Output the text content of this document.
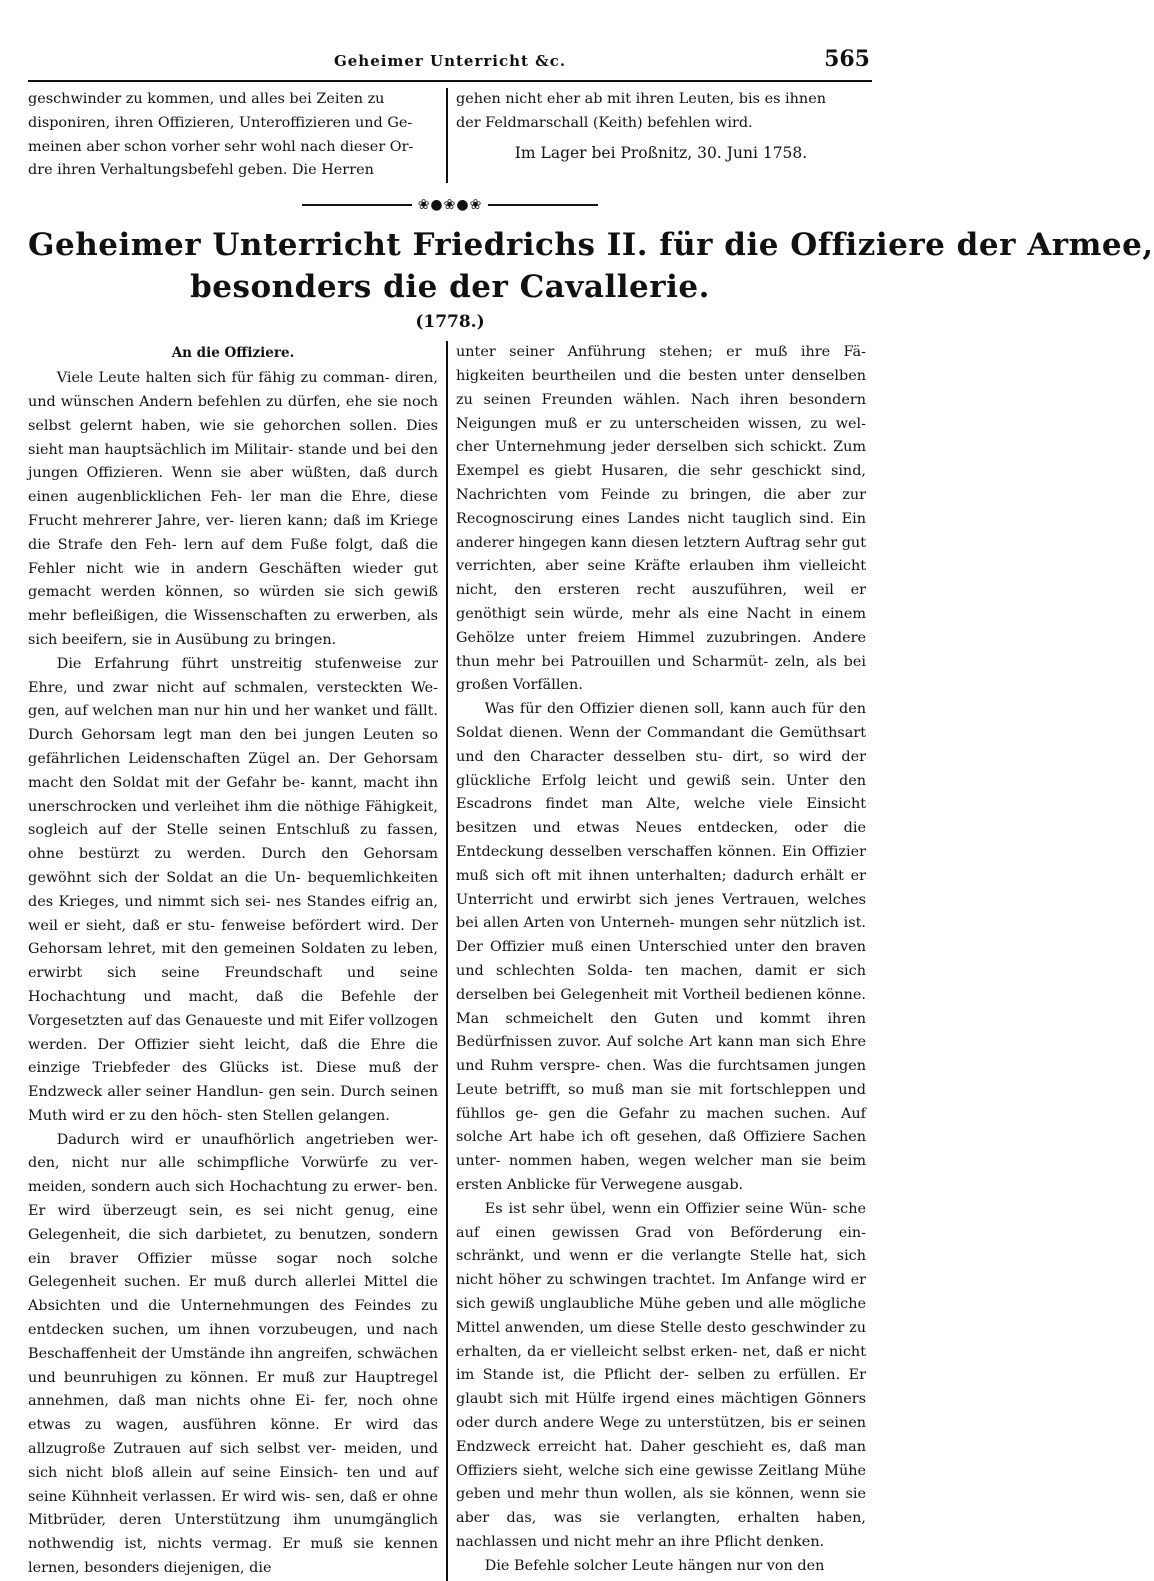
Geheimer Unterricht &c.	565

geschwinder zu kommen, und alles bei Zeiten zu

disponiren, ihren Offizieren, Unteroffizieren und Ge-

meinen aber schon vorher sehr wohl nach dieser Or-

dre ihren Verhaltungsbefehl geben. Die Herren

gehen nicht eher ab mit ihren Leuten, bis es ihnen

der Feldmarschall (Keith) befehlen wird.

Im Lager bei Proßnitz, 30. Juni 1758.
❀●❀●❀
Geheimer Unterricht Friedrichs II. für die Offiziere der Armee,
besonders die der Cavallerie.
(1778.)
An die Offiziere.

Viele Leute halten sich für fähig zu comman- diren, und wünschen Andern befehlen zu dürfen, ehe sie noch selbst gelernt haben, wie sie gehorchen sollen. Dies sieht man hauptsächlich im Militair- stande und bei den jungen Offizieren. Wenn sie aber wüßten, daß durch einen augenblicklichen Feh- ler man die Ehre, diese Frucht mehrerer Jahre, ver- lieren kann; daß im Kriege die Strafe den Feh- lern auf dem Fuße folgt, daß die Fehler nicht wie in andern Geschäften wieder gut gemacht werden können, so würden sie sich gewiß mehr befleißigen, die Wissenschaften zu erwerben, als sich beeifern, sie in Ausübung zu bringen.

Die Erfahrung führt unstreitig stufenweise zur Ehre, und zwar nicht auf schmalen, versteckten We- gen, auf welchen man nur hin und her wanket und fällt. Durch Gehorsam legt man den bei jungen Leuten so gefährlichen Leidenschaften Zügel an. Der Gehorsam macht den Soldat mit der Gefahr be- kannt, macht ihn unerschrocken und verleihet ihm die nöthige Fähigkeit, sogleich auf der Stelle seinen Entschluß zu fassen, ohne bestürzt zu werden. Durch den Gehorsam gewöhnt sich der Soldat an die Un- bequemlichkeiten des Krieges, und nimmt sich sei- nes Standes eifrig an, weil er sieht, daß er stu- fenweise befördert wird. Der Gehorsam lehret, mit den gemeinen Soldaten zu leben, erwirbt sich seine Freundschaft und seine Hochachtung und macht, daß die Befehle der Vorgesetzten auf das Genaueste und mit Eifer vollzogen werden. Der Offizier sieht leicht, daß die Ehre die einzige Triebfeder des Glücks ist. Diese muß der Endzweck aller seiner Handlun- gen sein. Durch seinen Muth wird er zu den höch- sten Stellen gelangen.

Dadurch wird er unaufhörlich angetrieben wer- den, nicht nur alle schimpfliche Vorwürfe zu ver- meiden, sondern auch sich Hochachtung zu erwer- ben. Er wird überzeugt sein, es sei nicht genug, eine Gelegenheit, die sich darbietet, zu benutzen, sondern ein braver Offizier müsse sogar noch solche Gelegenheit suchen. Er muß durch allerlei Mittel die Absichten und die Unternehmungen des Feindes zu entdecken suchen, um ihnen vorzubeugen, und nach Beschaffenheit der Umstände ihn angreifen, schwächen und beunruhigen zu können. Er muß zur Hauptregel annehmen, daß man nichts ohne Ei- fer, noch ohne etwas zu wagen, ausführen könne. Er wird das allzugroße Zutrauen auf sich selbst ver- meiden, und sich nicht bloß allein auf seine Einsich- ten und auf seine Kühnheit verlassen. Er wird wis- sen, daß er ohne Mitbrüder, deren Unterstützung ihm unumgänglich nothwendig ist, nichts vermag. Er muß sie kennen lernen, besonders diejenigen, die

unter seiner Anführung stehen; er muß ihre Fä- higkeiten beurtheilen und die besten unter denselben zu seinen Freunden wählen. Nach ihren besondern Neigungen muß er zu unterscheiden wissen, zu wel- cher Unternehmung jeder derselben sich schickt. Zum Exempel es giebt Husaren, die sehr geschickt sind, Nachrichten vom Feinde zu bringen, die aber zur Recognoscirung eines Landes nicht tauglich sind. Ein anderer hingegen kann diesen letztern Auftrag sehr gut verrichten, aber seine Kräfte erlauben ihm vielleicht nicht, den ersteren recht auszuführen, weil er genöthigt sein würde, mehr als eine Nacht in einem Gehölze unter freiem Himmel zuzubringen. Andere thun mehr bei Patrouillen und Scharmüt- zeln, als bei großen Vorfällen.

Was für den Offizier dienen soll, kann auch für den Soldat dienen. Wenn der Commandant die Gemüthsart und den Character desselben stu- dirt, so wird der glückliche Erfolg leicht und gewiß sein. Unter den Escadrons findet man Alte, welche viele Einsicht besitzen und etwas Neues entdecken, oder die Entdeckung desselben verschaffen können. Ein Offizier muß sich oft mit ihnen unterhalten; dadurch erhält er Unterricht und erwirbt sich jenes Vertrauen, welches bei allen Arten von Unterneh- mungen sehr nützlich ist. Der Offizier muß einen Unterschied unter den braven und schlechten Solda- ten machen, damit er sich derselben bei Gelegenheit mit Vortheil bedienen könne. Man schmeichelt den Guten und kommt ihren Bedürfnissen zuvor. Auf solche Art kann man sich Ehre und Ruhm verspre- chen. Was die furchtsamen jungen Leute betrifft, so muß man sie mit fortschleppen und fühllos ge- gen die Gefahr zu machen suchen. Auf solche Art habe ich oft gesehen, daß Offiziere Sachen unter- nommen haben, wegen welcher man sie beim ersten Anblicke für Verwegene ausgab.

Es ist sehr übel, wenn ein Offizier seine Wün- sche auf einen gewissen Grad von Beförderung ein- schränkt, und wenn er die verlangte Stelle hat, sich nicht höher zu schwingen trachtet. Im Anfange wird er sich gewiß unglaubliche Mühe geben und alle mögliche Mittel anwenden, um diese Stelle desto geschwinder zu erhalten, da er vielleicht selbst erken- net, daß er nicht im Stande ist, die Pflicht der- selben zu erfüllen. Er glaubt sich mit Hülfe irgend eines mächtigen Gönners oder durch andere Wege zu unterstützen, bis er seinen Endzweck erreicht hat. Daher geschieht es, daß man Offiziers sieht, welche sich eine gewisse Zeitlang Mühe geben und mehr thun wollen, als sie können, wenn sie aber das, was sie verlangten, erhalten haben, nachlassen und nicht mehr an ihre Pflicht denken.

Die Befehle solcher Leute hängen nur von den
